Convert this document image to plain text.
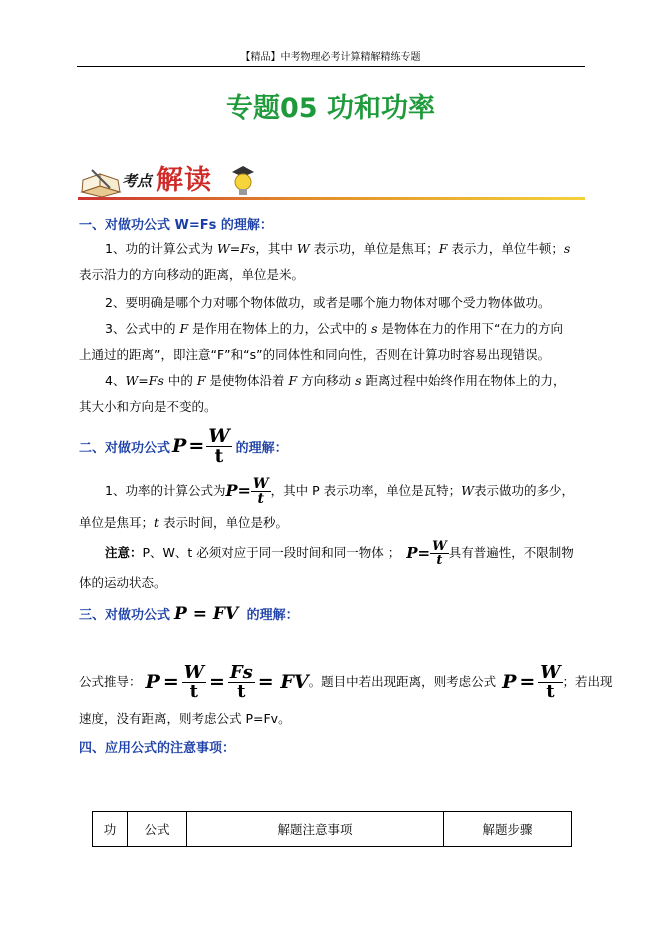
【精品】中考物理必考计算精解精练专题
专题05 功和功率
考点 解读
一、对做功公式 W=Fs 的理解：
1、功的计算公式为 W=Fs，其中 W 表示功，单位是焦耳；F 表示力，单位牛顿；s
表示沿力的方向移动的距离，单位是米。
2、要明确是哪个力对哪个物体做功，或者是哪个施力物体对哪个受力物体做功。
3、公式中的 F 是作用在物体上的力，公式中的 s 是物体在力的作用下“在力的方向
上通过的距离”，即注意“F”和“s”的同体性和同向性，否则在计算功时容易出现错误。
4、W=Fs 中的 F 是使物体沿着 F 方向移动 s 距离过程中始终作用在物体上的力，
其大小和方向是不变的。
二、对做功公式 $P = \frac{W}{t}$ 的理解：
1、功率的计算公式为 $P = \frac{W}{t}$ ，其中 P 表示功率，单位是瓦特； W 表示做功的多少，
单位是焦耳；t 表示时间，单位是秒。
注意： P、W、t 必须对应于同一段时间和同一物体 ； $P = \frac{W}{t}$ 具有普遍性，不限制物
体的运动状态。
三、对做功公式 P = FV 的理解：
公式推导： $P = \frac{W}{t} = \frac{Fs}{t}$ = FV 。题目中若出现距离，则考虑公式 $P = \frac{W}{t}$ ；若出现
速度，没有距离，则考虑公式 P=Fv。
四、应用公式的注意事项：
功	公式	解题注意事项	解题步骤
